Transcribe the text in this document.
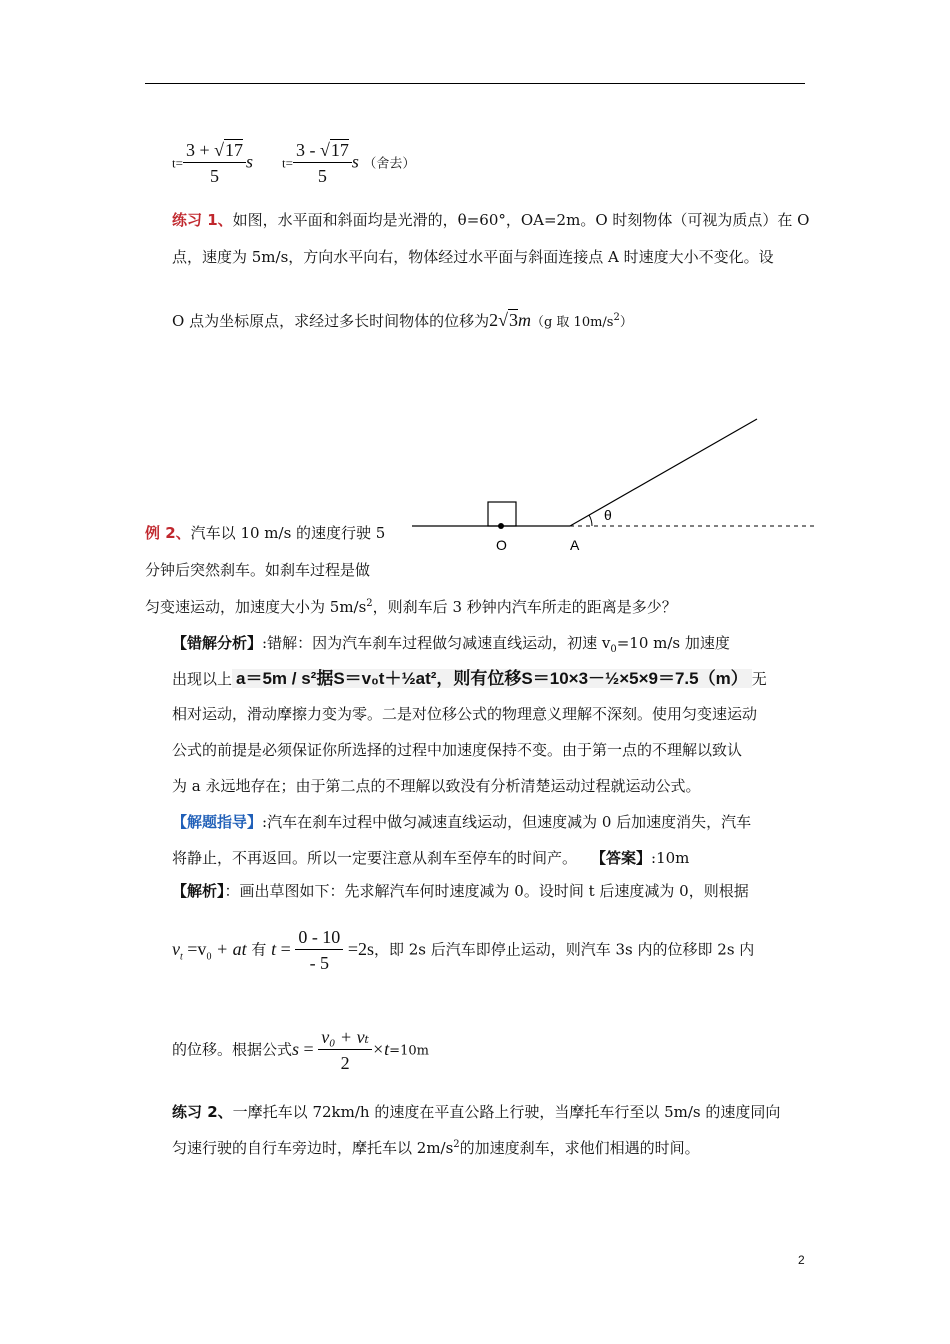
$t= \frac{3 + √17}{5}$ s $t= \frac{3 - √17}{5}$ s （舍去）
练习 1、如图，水平面和斜面均是光滑的，θ=60°，OA=2m。O 时刻物体（可视为质点）在 O
点，速度为 5m/s，方向水平向右，物体经过水平面与斜面连接点 A 时速度大小不变化。设
O 点为坐标原点，求经过多长时间物体的位移为2√3m（g 取 $10m/s^2$）
θ
O	A
例 2、汽车以 10 m/s 的速度行驶 5
分钟后突然刹车。如刹车过程是做
匀变速运动，加速度大小为 $5m/s^2$，则刹车后 3 秒钟内汽车所走的距离是多少？
【错解分析】:错解：因为汽车刹车过程做匀减速直线运动，初速 $v_0=10$ m/s 加速度
出现以上 a＝5m / s²据S＝v₀t＋½at²，则有位移S＝10×3－½×5×9＝7.5（m） 无
相对运动，滑动摩擦力变为零。二是对位移公式的物理意义理解不深刻。使用匀变速运动
公式的前提是必须保证你所选择的过程中加速度保持不变。由于第一点的不理解以致认
为 a 永远地存在；由于第二点的不理解以致没有分析清楚运动过程就运动公式。
【解题指导】:汽车在刹车过程中做匀减速直线运动，但速度减为 0 后加速度消失，汽车
将静止，不再返回。所以一定要注意从刹车至停车的时间产。 【答案】:10m
【解析】：画出草图如下：先求解汽车何时速度减为 0。设时间 t 后速度减为 0，则根据
$v_t =v_0$ + at 有 $t = \frac{0 - 10}{- 5} =2s$，即 2s 后汽车即停止运动，则汽车 3s 内的位移即 2s 内
的位移。根据公式$s = \frac{\text{v₀ + vₜ}}{2} \times t=10m$
练习 2、一摩托车以 72km/h 的速度在平直公路上行驶，当摩托车行至以 5m/s 的速度同向
匀速行驶的自行车旁边时，摩托车以 $2m/s^2$的加速度刹车，求他们相遇的时间。
2
